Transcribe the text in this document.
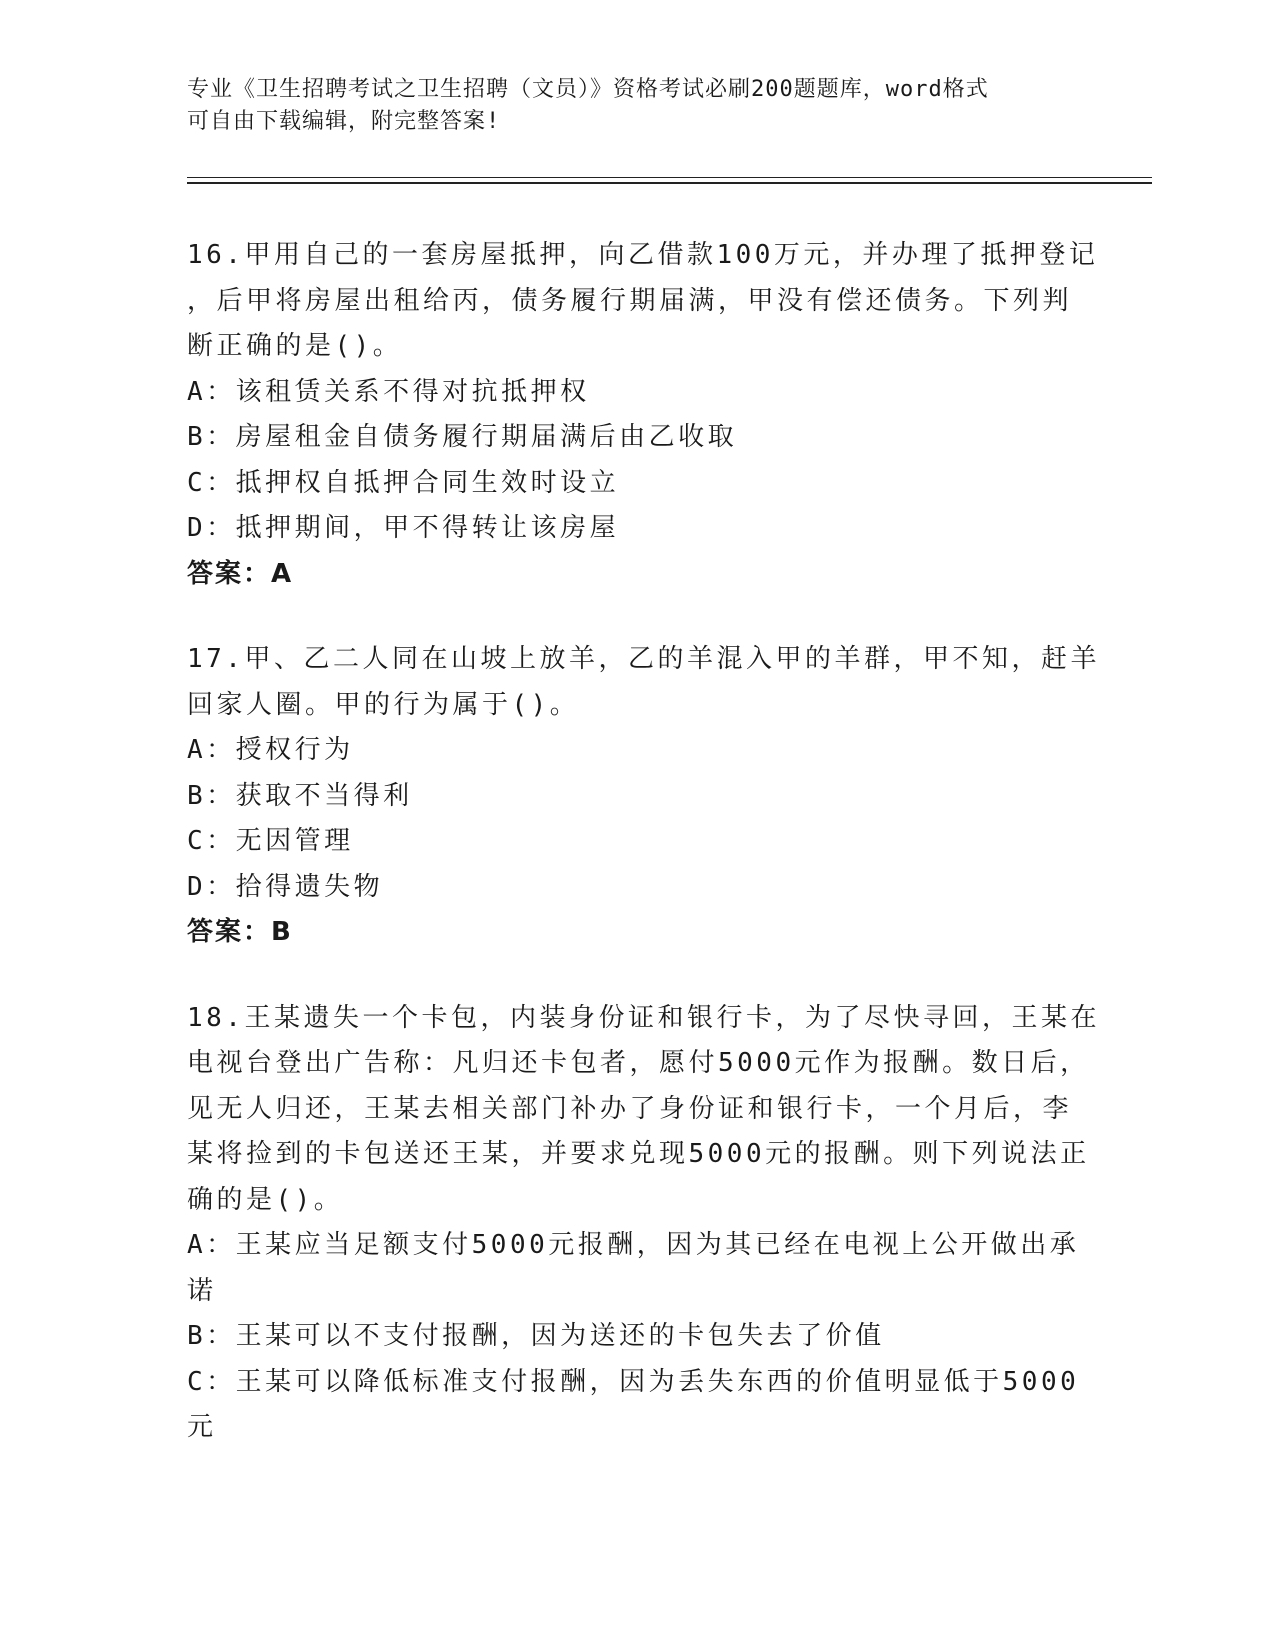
专业《卫生招聘考试之卫生招聘（文员）》资格考试必刷200题题库，word格式
可自由下载编辑，附完整答案!
16.甲用自己的一套房屋抵押，向乙借款100万元，并办理了抵押登记
，后甲将房屋出租给丙，债务履行期届满，甲没有偿还债务。下列判
断正确的是()。
A：该租赁关系不得对抗抵押权
B：房屋租金自债务履行期届满后由乙收取
C：抵押权自抵押合同生效时设立
D：抵押期间，甲不得转让该房屋
答案：A
17.甲、乙二人同在山坡上放羊，乙的羊混入甲的羊群，甲不知，赶羊
回家人圈。甲的行为属于()。
A：授权行为
B：获取不当得利
C：无因管理
D：拾得遗失物
答案：B
18.王某遗失一个卡包，内装身份证和银行卡，为了尽快寻回，王某在
电视台登出广告称：凡归还卡包者，愿付5000元作为报酬。数日后，
见无人归还，王某去相关部门补办了身份证和银行卡，一个月后，李
某将捡到的卡包送还王某，并要求兑现5000元的报酬。则下列说法正
确的是()。
A：王某应当足额支付5000元报酬，因为其已经在电视上公开做出承
诺
B：王某可以不支付报酬，因为送还的卡包失去了价值
C：王某可以降低标准支付报酬，因为丢失东西的价值明显低于5000
元
